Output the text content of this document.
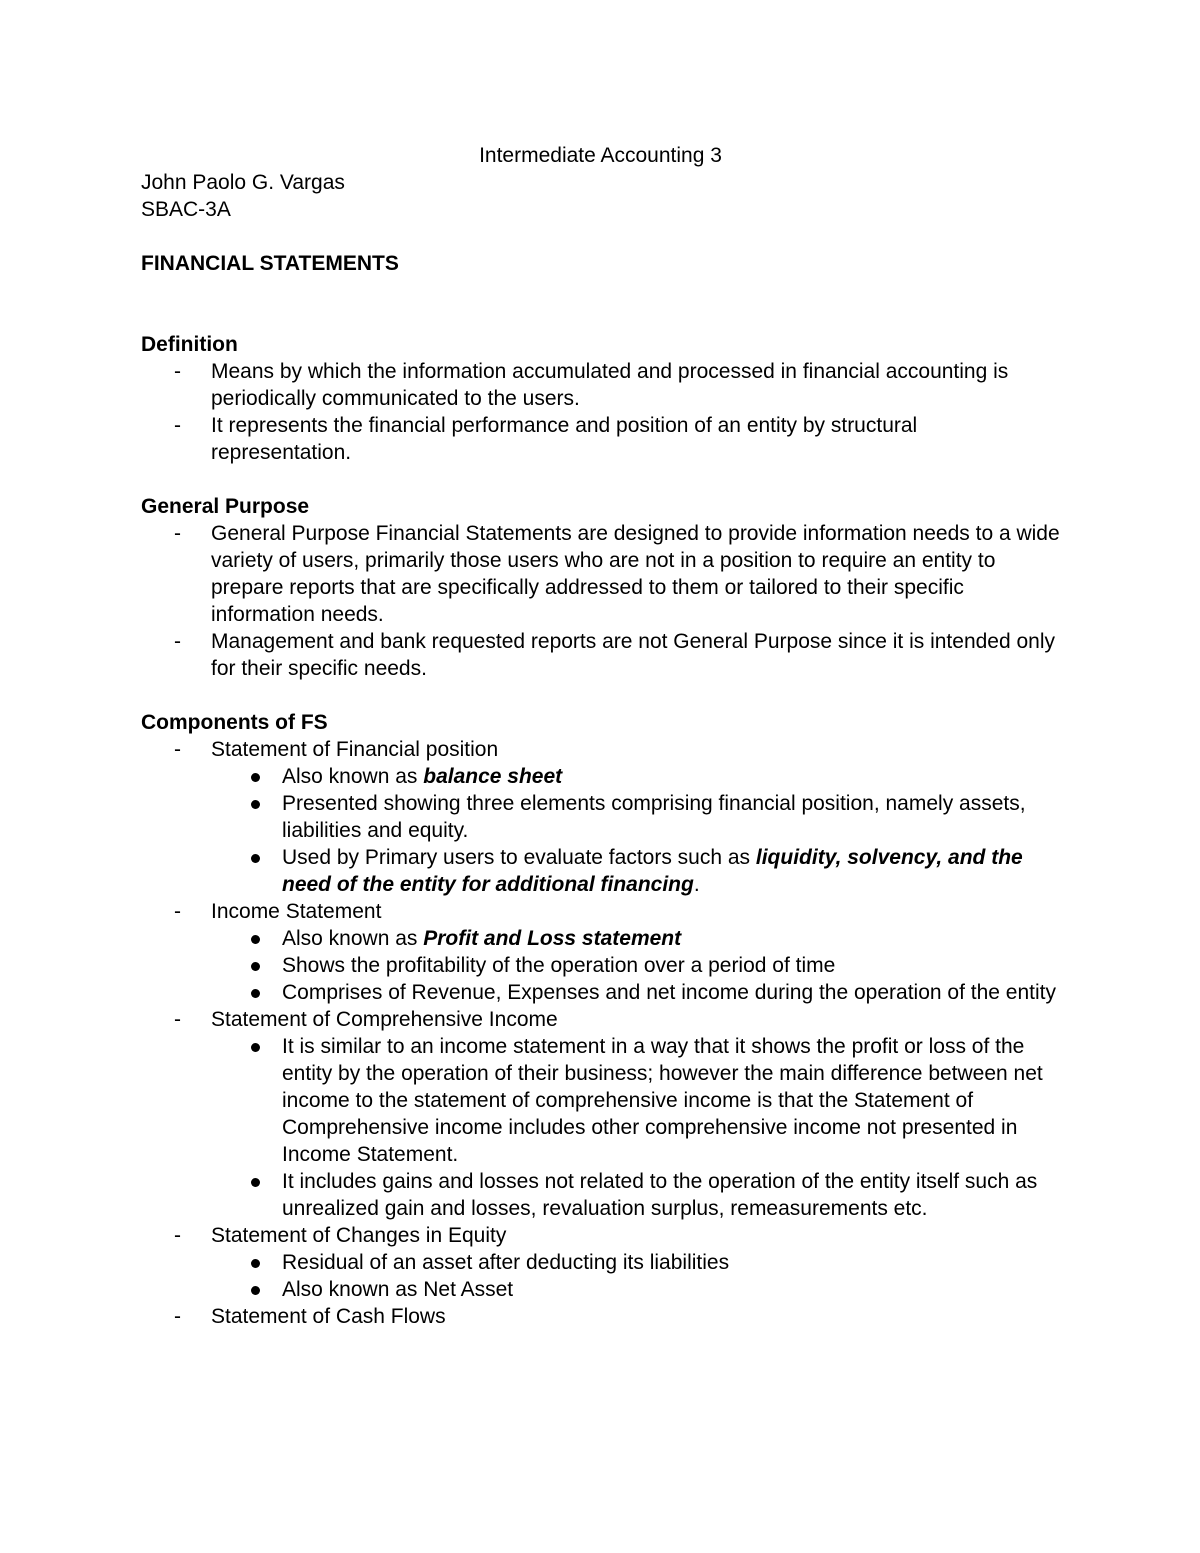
Intermediate Accounting 3

John Paolo G. Vargas

SBAC-3A

FINANCIAL STATEMENTS

Definition

- Means by which the information accumulated and processed in financial accounting is periodically communicated to the users.
- It represents the financial performance and position of an entity by structural representation.

General Purpose

- General Purpose Financial Statements are designed to provide information needs to a wide variety of users, primarily those users who are not in a position to require an entity to prepare reports that are specifically addressed to them or tailored to their specific information needs.
- Management and bank requested reports are not General Purpose since it is intended only for their specific needs.

Components of FS

- Statement of Financial position
Also known as balance sheet
Presented showing three elements comprising financial position, namely assets, liabilities and equity.
Used by Primary users to evaluate factors such as liquidity, solvency, and the need of the entity for additional financing.
- Income Statement
Also known as Profit and Loss statement
Shows the profitability of the operation over a period of time
Comprises of Revenue, Expenses and net income during the operation of the entity
- Statement of Comprehensive Income
It is similar to an income statement in a way that it shows the profit or loss of the entity by the operation of their business; however the main difference between net income to the statement of comprehensive income is that the Statement of Comprehensive income includes other comprehensive income not presented in Income Statement.
It includes gains and losses not related to the operation of the entity itself such as unrealized gain and losses, revaluation surplus, remeasurements etc.
- Statement of Changes in Equity
Residual of an asset after deducting its liabilities
Also known as Net Asset
- Statement of Cash Flows
